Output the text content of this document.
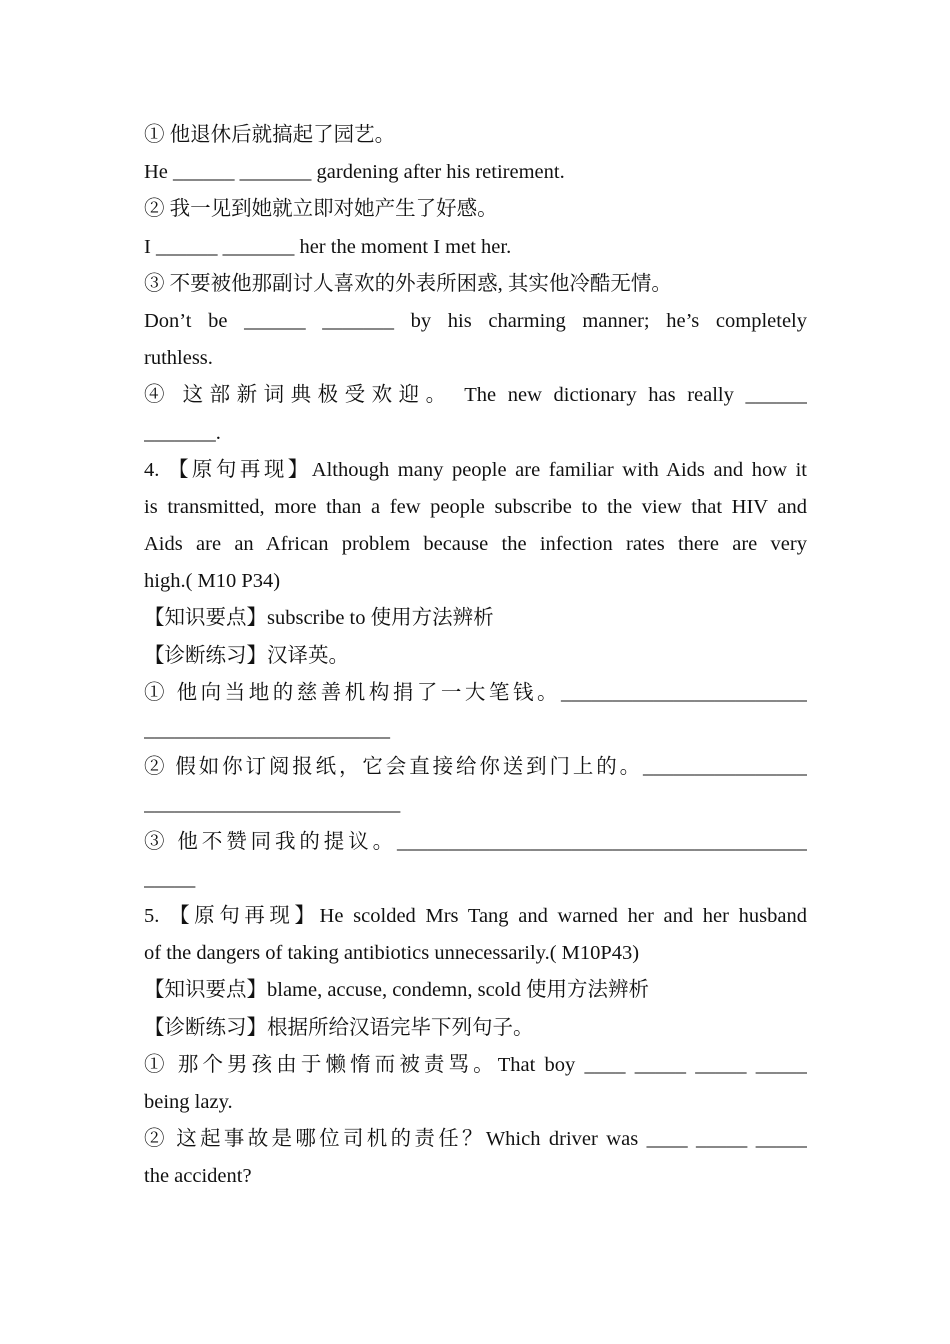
① 他退休后就搞起了园艺。
He ______ _______ gardening after his retirement.
② 我一见到她就立即对她产生了好感。
I ______ _______ her the moment I met her.
③ 不要被他那副讨人喜欢的外表所困惑, 其实他冷酷无情。
Don’t be ______ _______ by his charming manner; he’s completely
ruthless.
④ 这部新词典极受欢迎。 The new dictionary has really ______
_______.
4. 【原句再现】Although many people are familiar with Aids and how it
is transmitted, more than a few people subscribe to the view that HIV and
Aids are an African problem because the infection rates there are very
high.( M10 P34)
【知识要点】subscribe to 使用方法辨析
【诊断练习】汉译英。
① 他向当地的慈善机构捐了一大笔钱。________________________
________________________
② 假如你订阅报纸，它会直接给你送到门上的。________________
_________________________
③ 他不赞同我的提议。________________________________________
_____
5. 【原句再现】He scolded Mrs Tang and warned her and her husband
of the dangers of taking antibiotics unnecessarily.( M10P43)
【知识要点】blame, accuse, condemn, scold 使用方法辨析
【诊断练习】根据所给汉语完毕下列句子。
① 那个男孩由于懒惰而被责骂。That boy ____ _____ _____ _____
being lazy.
② 这起事故是哪位司机的责任？Which driver was ____ _____ _____
the accident?
